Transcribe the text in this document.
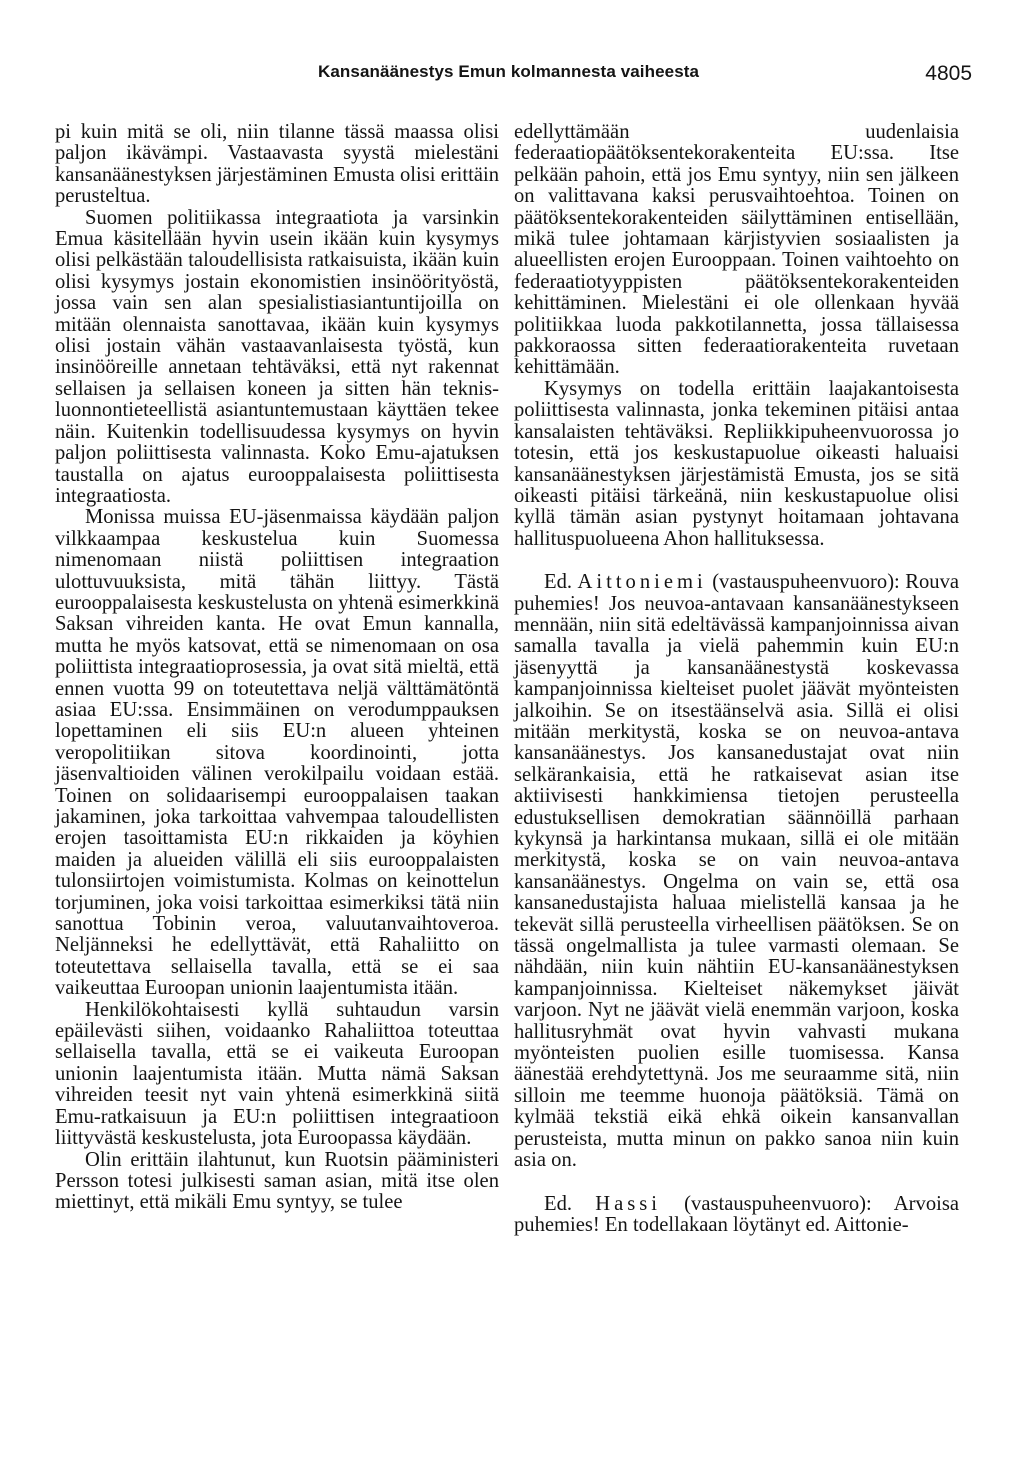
Kansanäänestys Emun kolmannesta vaiheesta	4805

pi kuin mitä se oli, niin tilanne tässä maassa olisi paljon ikävämpi. Vastaavasta syystä mielestäni kansanäänestyksen järjestäminen Emusta olisi erittäin perusteltua.

Suomen politiikassa integraatiota ja varsinkin Emua käsitellään hyvin usein ikään kuin kysymys olisi pelkästään taloudellisista ratkaisuista, ikään kuin olisi kysymys jostain ekonomistien insinöörityöstä, jossa vain sen alan spesialistiasiantuntijoilla on mitään olennaista sanottavaa, ikään kuin kysymys olisi jostain vähän vastaavanlaisesta työstä, kun insinööreille annetaan tehtäväksi, että nyt rakennat sellaisen ja sellaisen koneen ja sitten hän teknis-luonnontieteellistä asiantuntemustaan käyttäen tekee näin. Kuitenkin todellisuudessa kysymys on hyvin paljon poliittisesta valinnasta. Koko Emu-ajatuksen taustalla on ajatus eurooppalaisesta poliittisesta integraatiosta.

Monissa muissa EU-jäsenmaissa käydään paljon vilkkaampaa keskustelua kuin Suomessa nimenomaan niistä poliittisen integraation ulottuvuuksista, mitä tähän liittyy. Tästä eurooppalaisesta keskustelusta on yhtenä esimerkkinä Saksan vihreiden kanta. He ovat Emun kannalla, mutta he myös katsovat, että se nimenomaan on osa poliittista integraatioprosessia, ja ovat sitä mieltä, että ennen vuotta 99 on toteutettava neljä välttämätöntä asiaa EU:ssa. Ensimmäinen on verodumppauksen lopettaminen eli siis EU:n alueen yhteinen veropolitiikan sitova koordinointi, jotta jäsenvaltioiden välinen verokilpailu voidaan estää. Toinen on solidaarisempi eurooppalaisen taakan jakaminen, joka tarkoittaa vahvempaa taloudellisten erojen tasoittamista EU:n rikkaiden ja köyhien maiden ja alueiden välillä eli siis eurooppalaisten tulonsiirtojen voimistumista. Kolmas on keinottelun torjuminen, joka voisi tarkoittaa esimerkiksi tätä niin sanottua Tobinin veroa, valuutanvaihtoveroa. Neljänneksi he edellyttävät, että Rahaliitto on toteutettava sellaisella tavalla, että se ei saa vaikeuttaa Euroopan unionin laajentumista itään.

Henkilökohtaisesti kyllä suhtaudun varsin epäilevästi siihen, voidaanko Rahaliittoa toteuttaa sellaisella tavalla, että se ei vaikeuta Euroopan unionin laajentumista itään. Mutta nämä Saksan vihreiden teesit nyt vain yhtenä esimerkkinä siitä Emu-ratkaisuun ja EU:n poliittisen integraatioon liittyvästä keskustelusta, jota Euroopassa käydään.

Olin erittäin ilahtunut, kun Ruotsin pääministeri Persson totesi julkisesti saman asian, mitä itse olen miettinyt, että mikäli Emu syntyy, se tulee

edellyttämään uudenlaisia federaatiopäätöksentekorakenteita EU:ssa. Itse pelkään pahoin, että jos Emu syntyy, niin sen jälkeen on valittavana kaksi perusvaihtoehtoa. Toinen on päätöksentekorakenteiden säilyttäminen entisellään, mikä tulee johtamaan kärjistyvien sosiaalisten ja alueellisten erojen Eurooppaan. Toinen vaihtoehto on federaatiotyyppisten päätöksentekorakenteiden kehittäminen. Mielestäni ei ole ollenkaan hyvää politiikkaa luoda pakkotilannetta, jossa tällaisessa pakkoraossa sitten federaatiorakenteita ruvetaan kehittämään.

Kysymys on todella erittäin laajakantoisesta poliittisesta valinnasta, jonka tekeminen pitäisi antaa kansalaisten tehtäväksi. Repliikkipuheenvuorossa jo totesin, että jos keskustapuolue oikeasti haluaisi kansanäänestyksen järjestämistä Emusta, jos se sitä oikeasti pitäisi tärkeänä, niin keskustapuolue olisi kyllä tämän asian pystynyt hoitamaan johtavana hallituspuolueena Ahon hallituksessa.

Ed. Aittoniemi (vastauspuheenvuoro): Rouva puhemies! Jos neuvoa-antavaan kansanäänestykseen mennään, niin sitä edeltävässä kampanjoinnissa aivan samalla tavalla ja vielä pahemmin kuin EU:n jäsenyyttä ja kansanäänestystä koskevassa kampanjoinnissa kielteiset puolet jäävät myönteisten jalkoihin. Se on itsestäänselvä asia. Sillä ei olisi mitään merkitystä, koska se on neuvoa-antava kansanäänestys. Jos kansanedustajat ovat niin selkärankaisia, että he ratkaisevat asian itse aktiivisesti hankkimiensa tietojen perusteella edustuksellisen demokratian säännöillä parhaan kykynsä ja harkintansa mukaan, sillä ei ole mitään merkitystä, koska se on vain neuvoa-antava kansanäänestys. Ongelma on vain se, että osa kansanedustajista haluaa mielistellä kansaa ja he tekevät sillä perusteella virheellisen päätöksen. Se on tässä ongelmallista ja tulee varmasti olemaan. Se nähdään, niin kuin nähtiin EU-kansanäänestyksen kampanjoinnissa. Kielteiset näkemykset jäivät varjoon. Nyt ne jäävät vielä enemmän varjoon, koska hallitusryhmät ovat hyvin vahvasti mukana myönteisten puolien esille tuomisessa. Kansa äänestää erehdytettynä. Jos me seuraamme sitä, niin silloin me teemme huonoja päätöksiä. Tämä on kylmää tekstiä eikä ehkä oikein kansanvallan perusteista, mutta minun on pakko sanoa niin kuin asia on.

Ed. Hassi (vastauspuheenvuoro): Arvoisa puhemies! En todellakaan löytänyt ed. Aittonie-
